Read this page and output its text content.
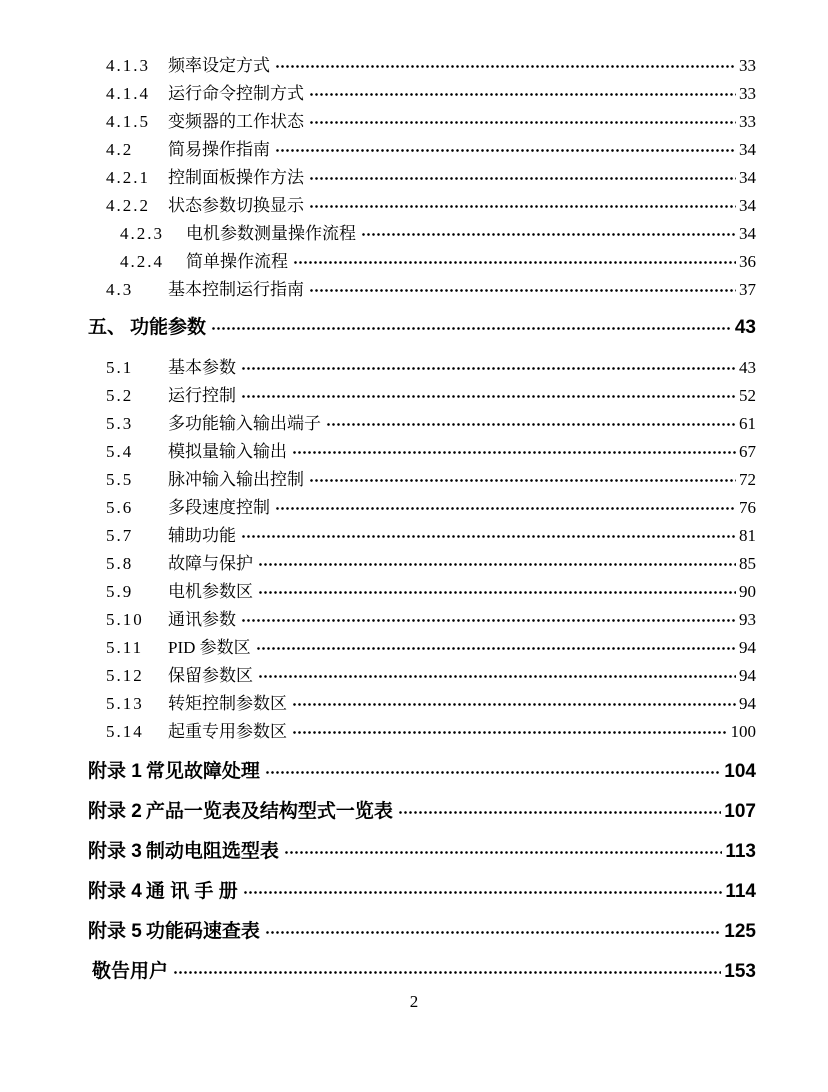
4.1.3 频率设定方式	33
4.1.4 运行命令控制方式	33
4.1.5 变频器的工作状态	33
4.2 简易操作指南	34
4.2.1 控制面板操作方法	34
4.2.2 状态参数切换显示	34
4.2.3 电机参数测量操作流程	34
4.2.4 简单操作流程	36
4.3 基本控制运行指南	37
五、 功能参数	43
5.1 基本参数	43
5.2 运行控制	52
5.3 多功能输入输出端子	61
5.4 模拟量输入输出	67
5.5 脉冲输入输出控制	72
5.6 多段速度控制	76
5.7 辅助功能	81
5.8 故障与保护	85
5.9 电机参数区	90
5.10 通讯参数	93
5.11 PID 参数区	94
5.12 保留参数区	94
5.13 转矩控制参数区	94
5.14 起重专用参数区	100
附录 1 常见故障处理	104
附录 2 产品一览表及结构型式一览表	107
附录 3 制动电阻选型表	113
附录 4 通 讯 手 册	114
附录 5 功能码速查表	125
敬告用户	153
2
